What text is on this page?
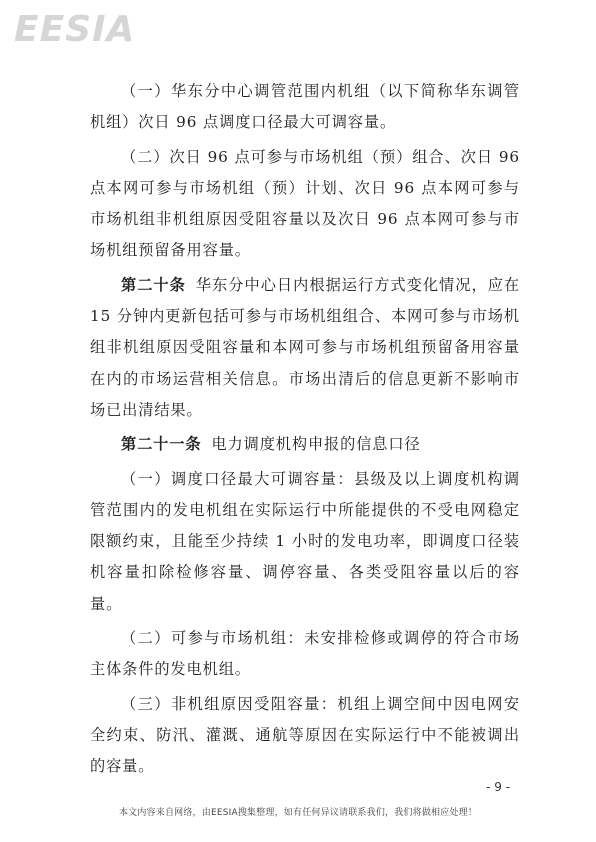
EESIA

（一）华东分中心调管范围内机组（以下简称华东调管机组）次日 96 点调度口径最大可调容量。

（二）次日 96 点可参与市场机组（预）组合、次日 96 点本网可参与市场机组（预）计划、次日 96 点本网可参与市场机组非机组原因受阻容量以及次日 96 点本网可参与市场机组预留备用容量。

第二十条 华东分中心日内根据运行方式变化情况，应在 15 分钟内更新包括可参与市场机组组合、本网可参与市场机组非机组原因受阻容量和本网可参与市场机组预留备用容量在内的市场运营相关信息。市场出清后的信息更新不影响市场已出清结果。

第二十一条 电力调度机构申报的信息口径

（一）调度口径最大可调容量：县级及以上调度机构调管范围内的发电机组在实际运行中所能提供的不受电网稳定限额约束，且能至少持续 1 小时的发电功率，即调度口径装机容量扣除检修容量、调停容量、各类受阻容量以后的容量。

（二）可参与市场机组：未安排检修或调停的符合市场主体条件的发电机组。

（三）非机组原因受阻容量：机组上调空间中因电网安全约束、防汛、灌溉、通航等原因在实际运行中不能被调出的容量。

- 9 -
本文内容来自网络，由EESIA搜集整理，如有任何异议请联系我们，我们将做相应处理！
